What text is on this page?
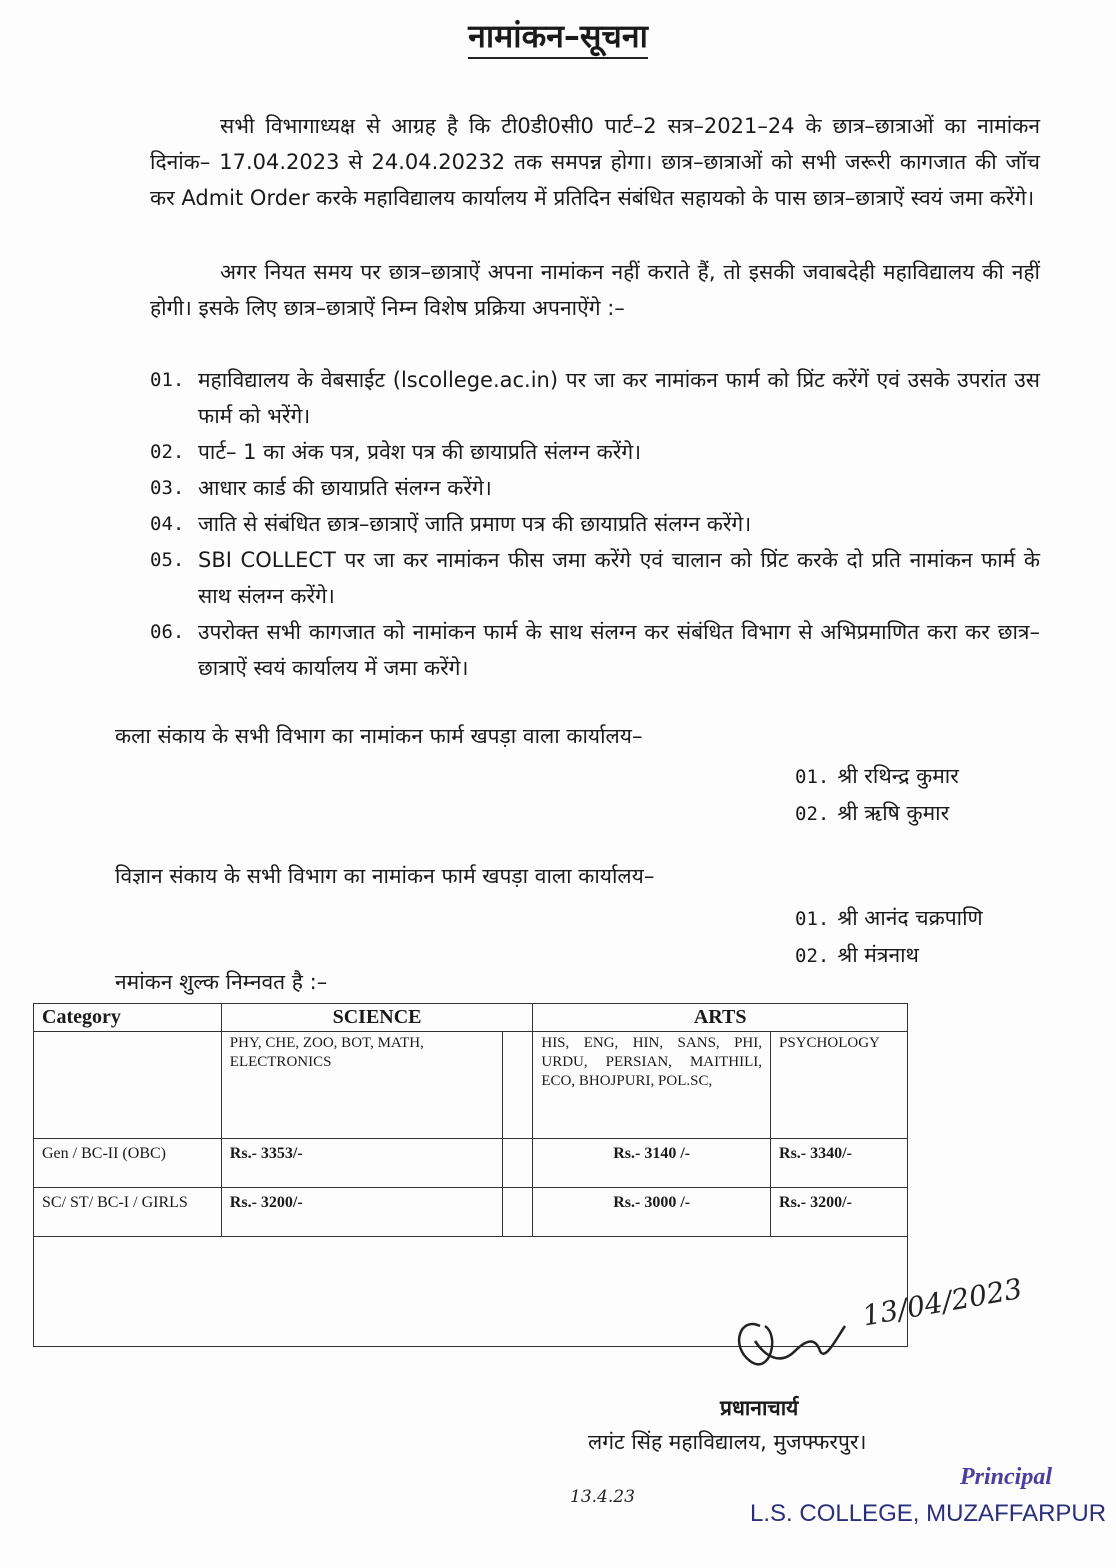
नामांकन–सूचना
सभी विभागाध्यक्ष से आग्रह है कि टी0डी0सी0 पार्ट–2 सत्र–2021–24 के छात्र–छात्राओं का नामांकन दिनांक– 17.04.2023 से 24.04.20232 तक समपन्न होगा। छात्र–छात्राओं को सभी जरूरी कागजात की जॉच कर Admit Order करके महाविद्यालय कार्यालय में प्रतिदिन संबंधित सहायको के पास छात्र–छात्राऐं स्वयं जमा करेंगे।
अगर नियत समय पर छात्र–छात्राऐं अपना नामांकन नहीं कराते हैं, तो इसकी जवाबदेही महाविद्यालय की नहीं होगी। इसके लिए छात्र–छात्राऐं निम्न विशेष प्रक्रिया अपनाऐंगे :–
01. महाविद्यालय के वेबसाईट (lscollege.ac.in) पर जा कर नामांकन फार्म को प्रिंट करेंगें एवं उसके उपरांत उस फार्म को भरेंगे।
02. पार्ट– 1 का अंक पत्र, प्रवेश पत्र की छायाप्रति संलग्न करेंगे।
03. आधार कार्ड की छायाप्रति संलग्न करेंगे।
04. जाति से संबंधित छात्र–छात्राऐं जाति प्रमाण पत्र की छायाप्रति संलग्न करेंगे।
05. SBI COLLECT पर जा कर नामांकन फीस जमा करेंगे एवं चालान को प्रिंट करके दो प्रति नामांकन फार्म के साथ संलग्न करेंगे।
06. उपरोक्त सभी कागजात को नामांकन फार्म के साथ संलग्न कर संबंधित विभाग से अभिप्रमाणित करा कर छात्र–छात्राऐं स्वयं कार्यालय में जमा करेंगे।
कला संकाय के सभी विभाग का नामांकन फार्म खपड़ा वाला कार्यालय–
01. श्री रथिन्द्र कुमार
02. श्री ऋषि कुमार
विज्ञान संकाय के सभी विभाग का नामांकन फार्म खपड़ा वाला कार्यालय–
01. श्री आनंद चक्रपाणि
02. श्री मंत्रनाथ
नमांकन शुल्क निम्नवत है :–
Category	SCIENCE		ARTS	
	PHY, CHE, ZOO, BOT, MATH, ELECTRONICS		HIS, ENG, HIN, SANS, PHI, URDU, PERSIAN, MAITHILI, ECO, BHOJPURI, POL.SC,	PSYCHOLOGY
Gen / BC-II (OBC)	Rs.- 3353/-		Rs.- 3140 /-	Rs.- 3340/-
SC/ ST/ BC-I / GIRLS	Rs.- 3200/-		Rs.- 3000 /-	Rs.- 3200/-

13/04/2023
प्रधानाचार्य
लगंट सिंह महाविद्यालय, मुजफ्फरपुर।
Principal
13.4.23
L.S. COLLEGE, MUZAFFARPUR
